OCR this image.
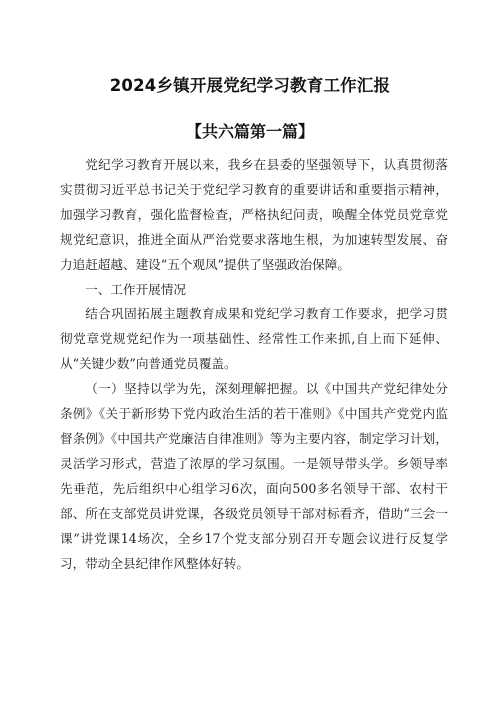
2024乡镇开展党纪学习教育工作汇报
【共六篇第一篇】

党纪学习教育开展以来，我乡在县委的坚强领导下，认真贯彻落实贯彻习近平总书记关于党纪学习教育的重要讲话和重要指示精神，加强学习教育，强化监督检查，严格执纪问责，唤醒全体党员党章党规党纪意识，推进全面从严治党要求落地生根，为加速转型发展、奋力追赶超越、建设“五个观凤”提供了坚强政治保障。

一、工作开展情况

结合巩固拓展主题教育成果和党纪学习教育工作要求，把学习贯彻党章党规党纪作为一项基础性、经常性工作来抓,自上而下延伸、从“关键少数”向普通党员覆盖。

（一）坚持以学为先，深刻理解把握。以《中国共产党纪律处分条例》《关于新形势下党内政治生活的若干准则》《中国共产党党内监督条例》《中国共产党廉洁自律准则》等为主要内容，制定学习计划，灵活学习形式，营造了浓厚的学习氛围。一是领导带头学。乡领导率先垂范，先后组织中心组学习6次，面向500多名领导干部、农村干部、所在支部党员讲党课，各级党员领导干部对标看齐，借助“三会一课”讲党课14场次，全乡17个党支部分别召开专题会议进行反复学习，带动全县纪律作风整体好转。
